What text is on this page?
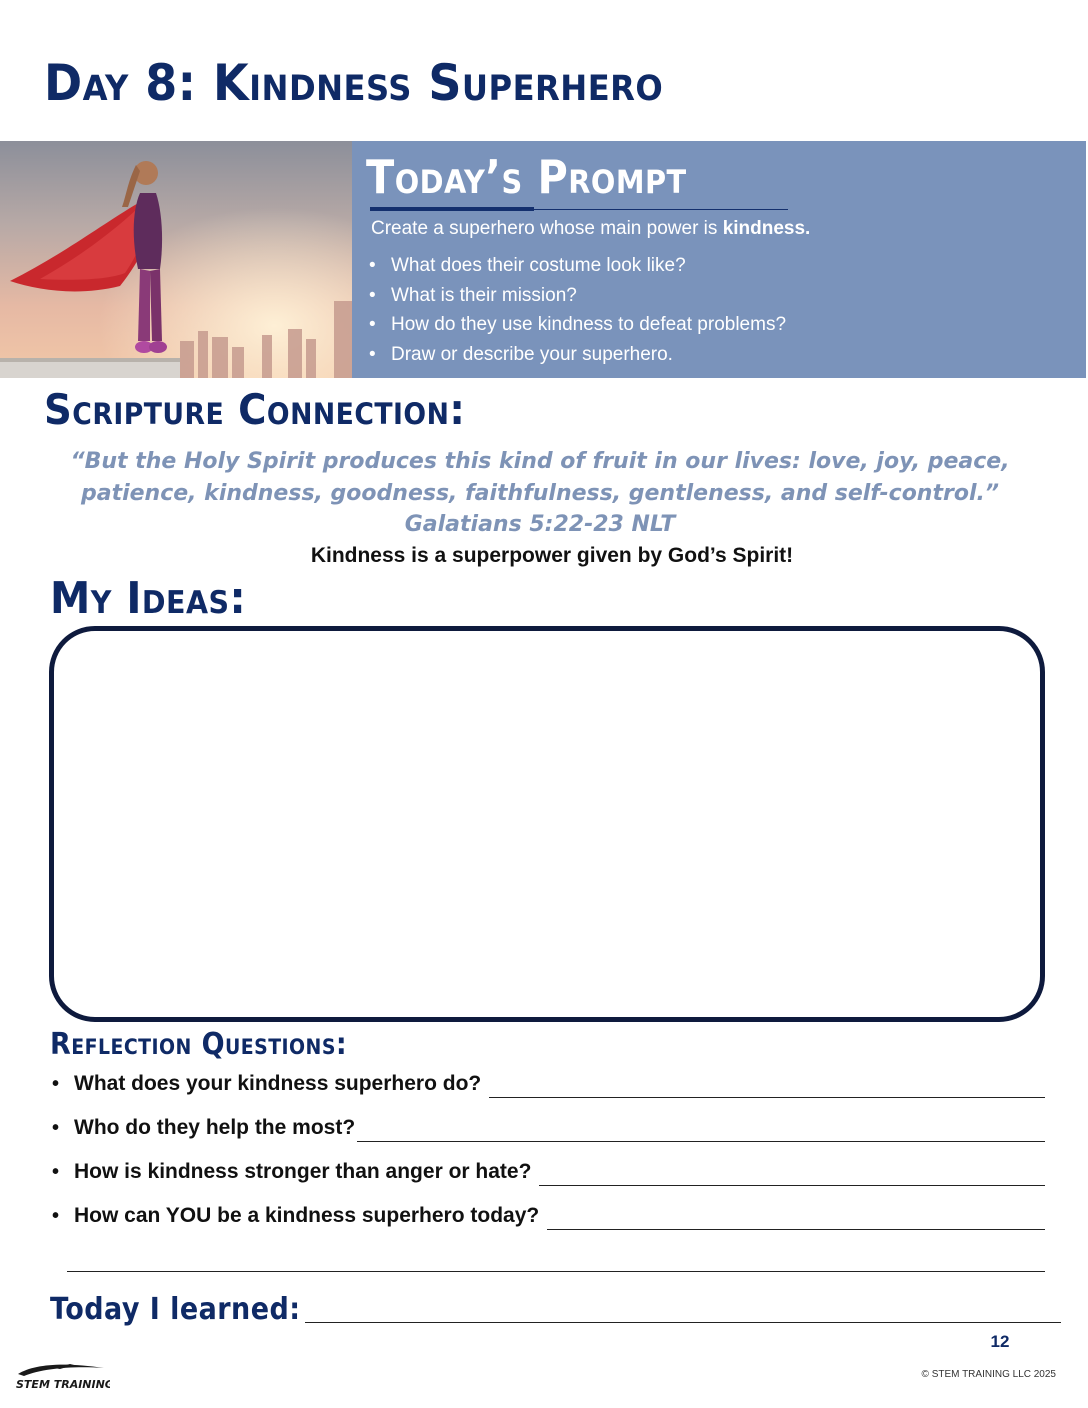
Day 8: Kindness Superhero
Today’s Prompt
Create a superhero whose main power is kindness.
• What does their costume look like?
• What is their mission?
• How do they use kindness to defeat problems?
• Draw or describe your superhero.
Scripture Connection:
“But the Holy Spirit produces this kind of fruit in our lives: love, joy, peace, patience, kindness, goodness, faithfulness, gentleness, and self-control.”
Galatians 5:22-23 NLT
Kindness is a superpower given by God’s Spirit!
My Ideas:
Reflection Questions:
• What does your kindness superhero do?
• Who do they help the most?
• How is kindness stronger than anger or hate?
• How can YOU be a kindness superhero today?
Today I learned:
12
STEM TRAINING
© STEM TRAINING LLC 2025
